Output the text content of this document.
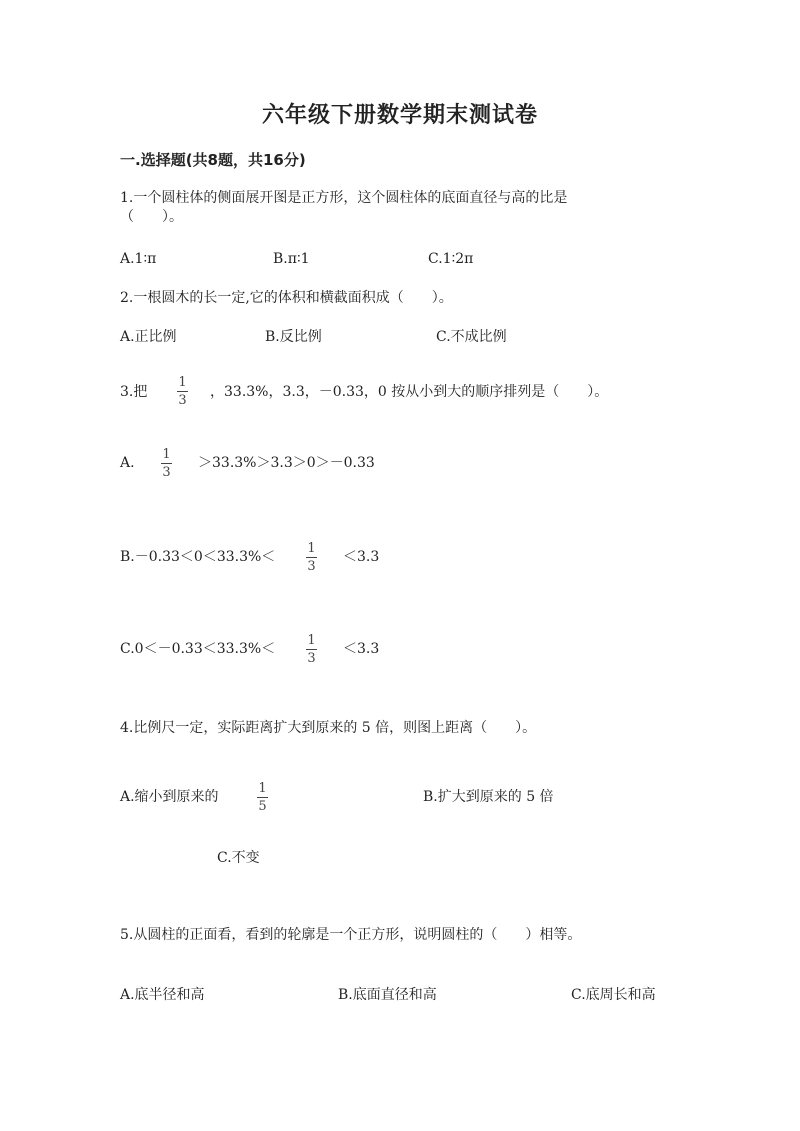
六年级下册数学期末测试卷
一.选择题(共8题，共16分)
1.一个圆柱体的侧面展开图是正方形，这个圆柱体的底面直径与高的比是
（　　）。
A.1∶π	B.π∶1	C.1∶2π
2.一根圆木的长一定,它的体积和横截面积成（　　）。
A.正比例	B.反比例	C.不成比例
3.把
1
3
，33.3%，3.3，－0.33，0 按从小到大的顺序排列是（　　）。
A.
1
3
＞33.3%＞3.3＞0＞－0.33
B.－0.33＜0＜33.3%＜
1
3
＜3.3
C.0＜－0.33＜33.3%＜
1
3
＜3.3
4.比例尺一定，实际距离扩大到原来的 5 倍，则图上距离（　　）。
A.缩小到原来的
1
5
B.扩大到原来的 5 倍
C.不变
5.从圆柱的正面看，看到的轮廓是一个正方形，说明圆柱的（　　）相等。
A.底半径和高	B.底面直径和高	C.底周长和高
